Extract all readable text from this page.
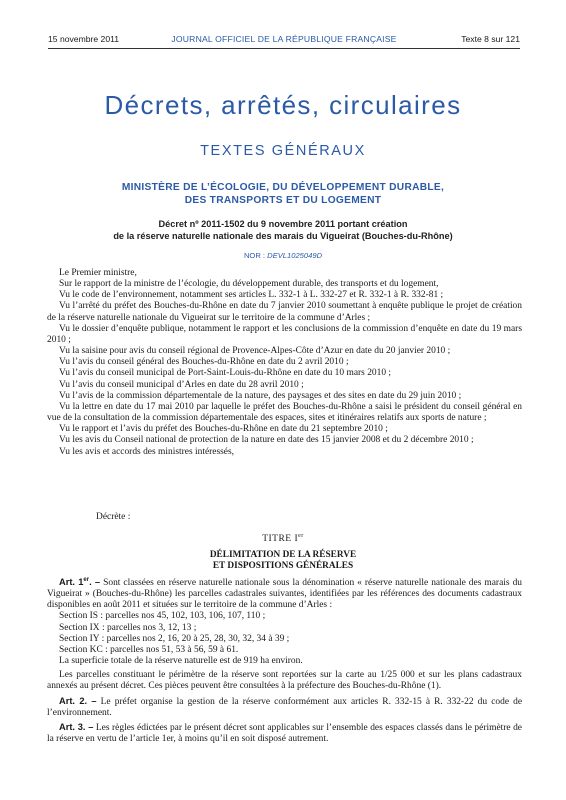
15 novembre 2011	JOURNAL OFFICIEL DE LA RÉPUBLIQUE FRANÇAISE	Texte 8 sur 121
Décrets, arrêtés, circulaires
TEXTES GÉNÉRAUX
MINISTÈRE DE L’ÉCOLOGIE, DU DÉVELOPPEMENT DURABLE,
DES TRANSPORTS ET DU LOGEMENT
Décret nº 2011-1502 du 9 novembre 2011 portant création
de la réserve naturelle nationale des marais du Vigueirat (Bouches-du-Rhône)
NOR : DEVL1025049D

Le Premier ministre,

Sur le rapport de la ministre de l’écologie, du développement durable, des transports et du logement,

Vu le code de l’environnement, notamment ses articles L. 332-1 à L. 332-27 et R. 332-1 à R. 332-81 ;

Vu l’arrêté du préfet des Bouches-du-Rhône en date du 7 janvier 2010 soumettant à enquête publique le projet de création de la réserve naturelle nationale du Vigueirat sur le territoire de la commune d’Arles ;

Vu le dossier d’enquête publique, notamment le rapport et les conclusions de la commission d’enquête en date du 19 mars 2010 ;

Vu la saisine pour avis du conseil régional de Provence-Alpes-Côte d’Azur en date du 20 janvier 2010 ;

Vu l’avis du conseil général des Bouches-du-Rhône en date du 2 avril 2010 ;

Vu l’avis du conseil municipal de Port-Saint-Louis-du-Rhône en date du 10 mars 2010 ;

Vu l’avis du conseil municipal d’Arles en date du 28 avril 2010 ;

Vu l’avis de la commission départementale de la nature, des paysages et des sites en date du 29 juin 2010 ;

Vu la lettre en date du 17 mai 2010 par laquelle le préfet des Bouches-du-Rhône a saisi le président du conseil général en vue de la consultation de la commission départementale des espaces, sites et itinéraires relatifs aux sports de nature ;

Vu le rapport et l’avis du préfet des Bouches-du-Rhône en date du 21 septembre 2010 ;

Vu les avis du Conseil national de protection de la nature en date des 15 janvier 2008 et du 2 décembre 2010 ;

Vu les avis et accords des ministres intéressés,

Décrète :
TITRE Ier
DÉLIMITATION DE LA RÉSERVE
ET DISPOSITIONS GÉNÉRALES

Art. 1er. – Sont classées en réserve naturelle nationale sous la dénomination « réserve naturelle nationale des marais du Vigueirat » (Bouches-du-Rhône) les parcelles cadastrales suivantes, identifiées par les références des documents cadastraux disponibles en août 2011 et situées sur le territoire de la commune d’Arles :

Section IS : parcelles nos 45, 102, 103, 106, 107, 110 ;

Section IX : parcelles nos 3, 12, 13 ;

Section IY : parcelles nos 2, 16, 20 à 25, 28, 30, 32, 34 à 39 ;

Section KC : parcelles nos 51, 53 à 56, 59 à 61.

La superficie totale de la réserve naturelle est de 919 ha environ.

Les parcelles constituant le périmètre de la réserve sont reportées sur la carte au 1/25 000 et sur les plans cadastraux annexés au présent décret. Ces pièces peuvent être consultées à la préfecture des Bouches-du-Rhône (1).

Art. 2. – Le préfet organise la gestion de la réserve conformément aux articles R. 332-15 à R. 332-22 du code de l’environnement.

Art. 3. – Les règles édictées par le présent décret sont applicables sur l’ensemble des espaces classés dans le périmètre de la réserve en vertu de l’article 1er, à moins qu’il en soit disposé autrement.
